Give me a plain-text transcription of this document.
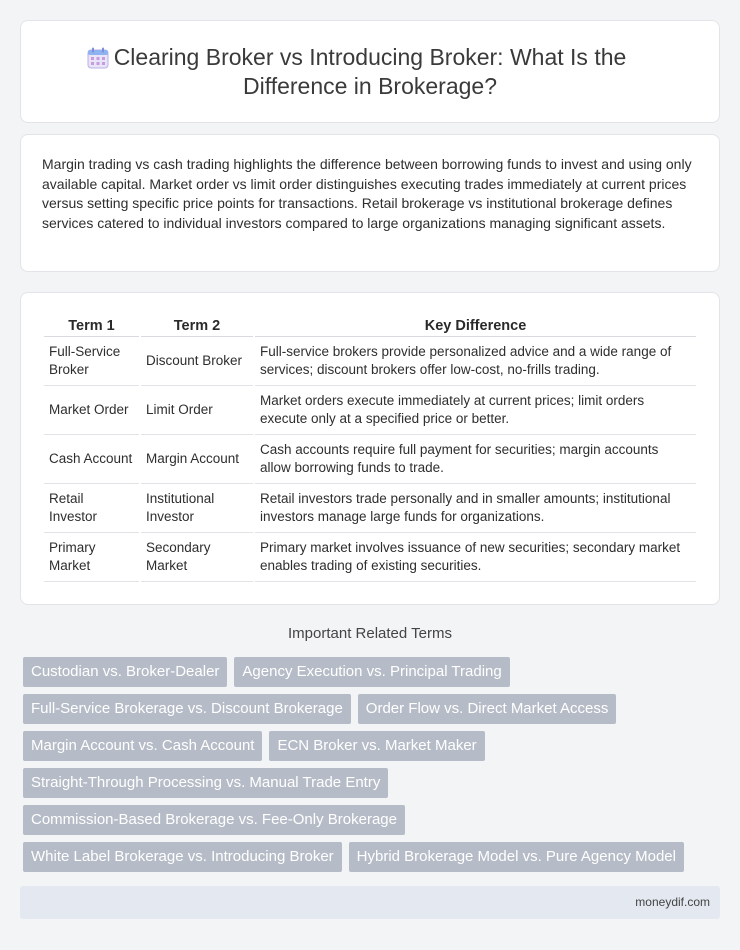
Clearing Broker vs Introducing Broker: What Is the Difference in Brokerage?

Margin trading vs cash trading highlights the difference between borrowing funds to invest and using only available capital. Market order vs limit order distinguishes executing trades immediately at current prices versus setting specific price points for transactions. Retail brokerage vs institutional brokerage defines services catered to individual investors compared to large organizations managing significant assets.

Term 1	Term 2	Key Difference
Full-Service Broker	Discount Broker	Full-service brokers provide personalized advice and a wide range of services; discount brokers offer low-cost, no-frills trading.
Market Order	Limit Order	Market orders execute immediately at current prices; limit orders execute only at a specified price or better.
Cash Account	Margin Account	Cash accounts require full payment for securities; margin accounts allow borrowing funds to trade.
Retail Investor	Institutional Investor	Retail investors trade personally and in smaller amounts; institutional investors manage large funds for organizations.
Primary Market	Secondary Market	Primary market involves issuance of new securities; secondary market enables trading of existing securities.
Important Related Terms
Custodian vs. Broker-Dealer	Agency Execution vs. Principal Trading
Full-Service Brokerage vs. Discount Brokerage	Order Flow vs. Direct Market Access
Margin Account vs. Cash Account	ECN Broker vs. Market Maker
Straight-Through Processing vs. Manual Trade Entry
Commission-Based Brokerage vs. Fee-Only Brokerage
White Label Brokerage vs. Introducing Broker	Hybrid Brokerage Model vs. Pure Agency Model
moneydif.com
